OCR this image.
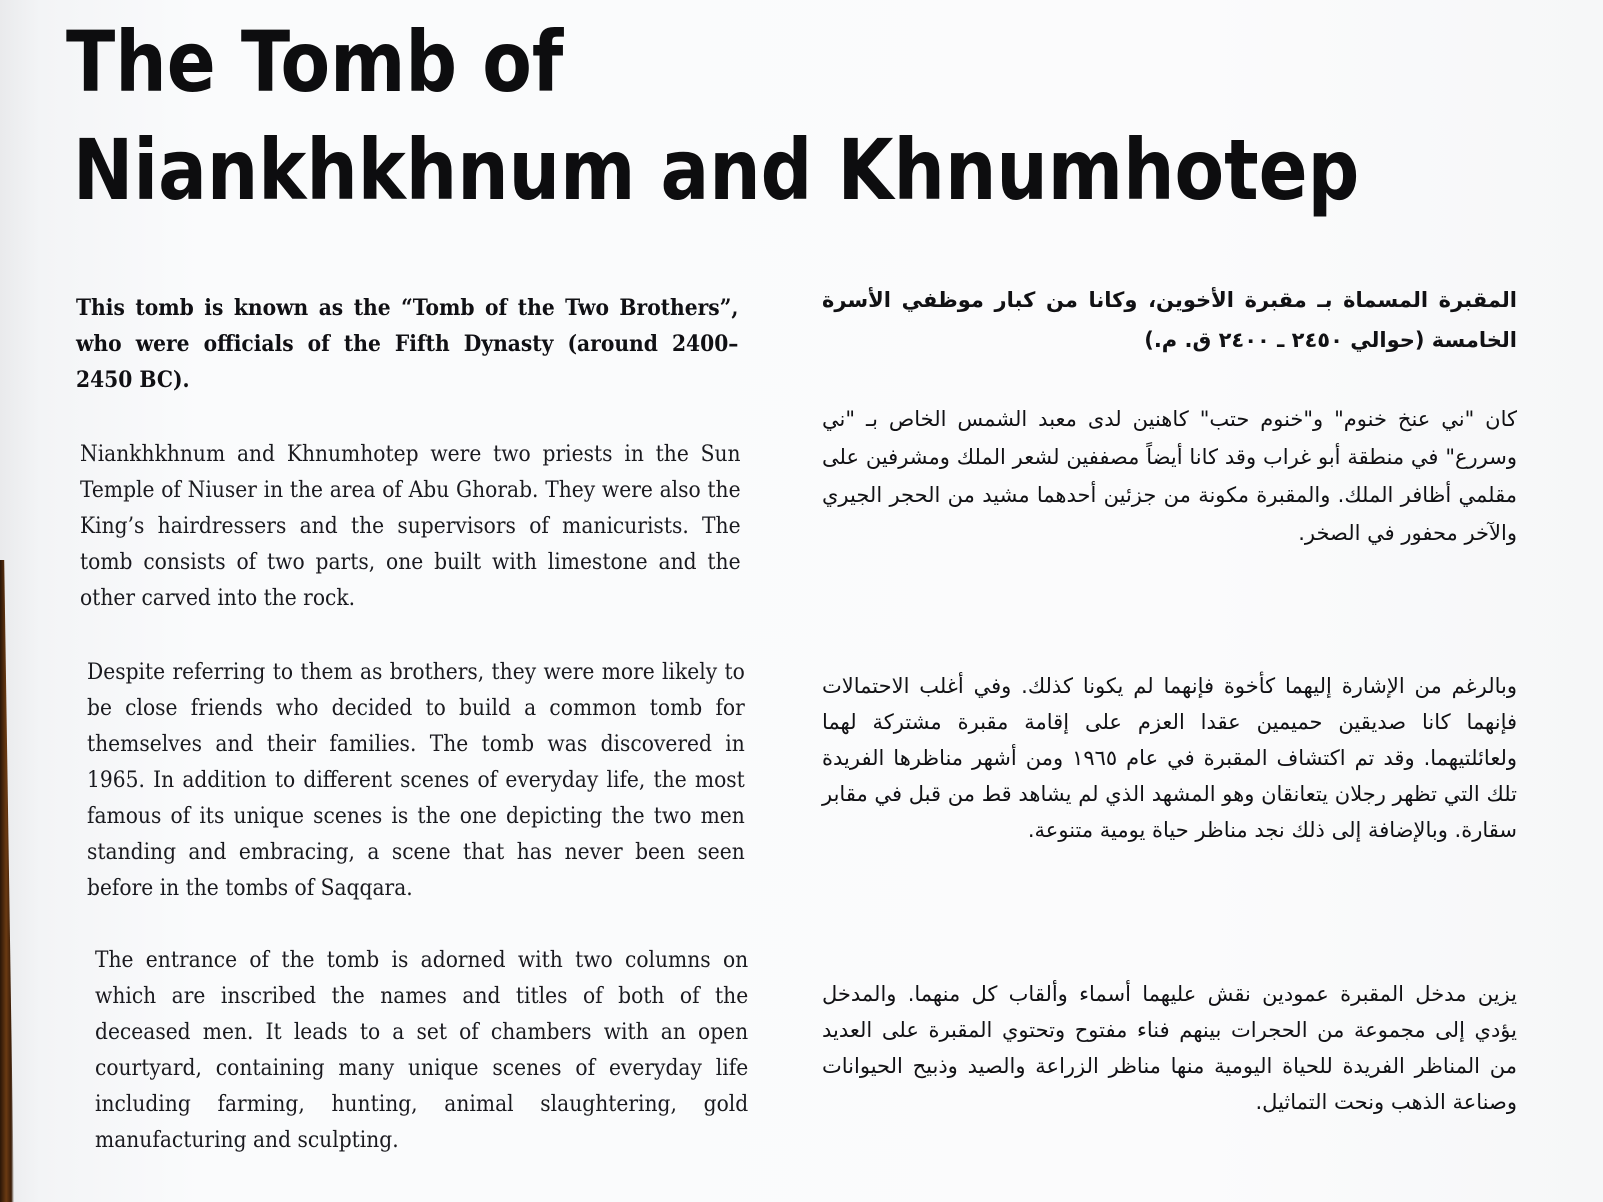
The Tomb of
Niankhkhnum and Khnumhotep
This tomb is known as the “Tomb of the Two Brothers”, who were officials of the Fifth Dynasty (around 2400–2450 BC).
Niankhkhnum and Khnumhotep were two priests in the Sun Temple of Niuser in the area of Abu Ghorab. They were also the King’s hairdressers and the supervisors of manicurists. The tomb consists of two parts, one built with limestone and the other carved into the rock.
Despite referring to them as brothers, they were more likely to be close friends who decided to build a common tomb for themselves and their families. The tomb was discovered in 1965. In addition to different scenes of everyday life, the most famous of its unique scenes is the one depicting the two men standing and embracing, a scene that has never been seen before in the tombs of Saqqara.
The entrance of the tomb is adorned with two columns on which are inscribed the names and titles of both of the deceased men. It leads to a set of chambers with an open courtyard, containing many unique scenes of everyday life including farming, hunting, animal slaughtering, gold manufacturing and sculpting.
المقبرة المسماة بـ مقبرة الأخوين، وكانا من كبار موظفي الأسرة الخامسة (حوالي ٢٤٥٠ ـ ٢٤٠٠ ق. م.)
كان "ني عنخ خنوم" و"خنوم حتب" كاهنين لدى معبد الشمس الخاص بـ "ني وسررع" في منطقة أبو غراب وقد كانا أيضاً مصففين لشعر الملك ومشرفين على مقلمي أظافر الملك. والمقبرة مكونة من جزئين أحدهما مشيد من الحجر الجيري والآخر محفور في الصخر.
وبالرغم من الإشارة إليهما كأخوة فإنهما لم يكونا كذلك. وفي أغلب الاحتمالات فإنهما كانا صديقين حميمين عقدا العزم على إقامة مقبرة مشتركة لهما ولعائلتيهما. وقد تم اكتشاف المقبرة في عام ١٩٦٥ ومن أشهر مناظرها الفريدة تلك التي تظهر رجلان يتعانقان وهو المشهد الذي لم يشاهد قط من قبل في مقابر سقارة. وبالإضافة إلى ذلك نجد مناظر حياة يومية متنوعة.
يزين مدخل المقبرة عمودين نقش عليهما أسماء وألقاب كل منهما. والمدخل يؤدي إلى مجموعة من الحجرات بينهم فناء مفتوح وتحتوي المقبرة على العديد من المناظر الفريدة للحياة اليومية منها مناظر الزراعة والصيد وذبيح الحيوانات وصناعة الذهب ونحت التماثيل.
